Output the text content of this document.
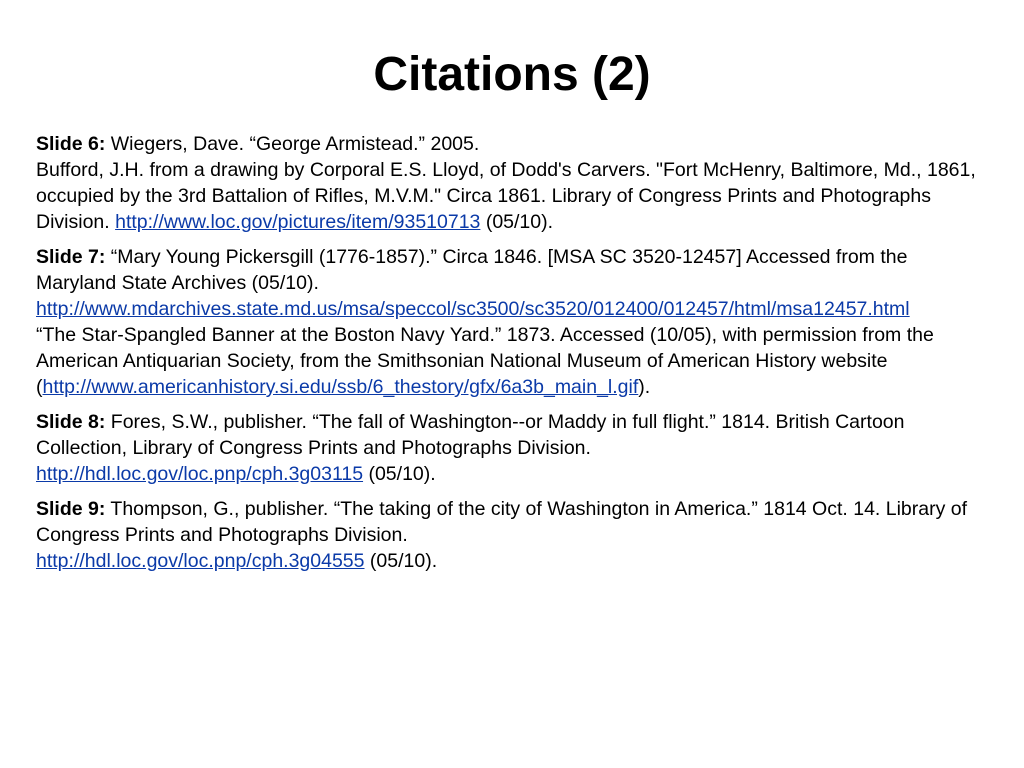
Citations (2)
Slide 6: Wiegers, Dave. “George Armistead.” 2005.
Bufford, J.H. from a drawing by Corporal E.S. Lloyd, of Dodd's Carvers. "Fort McHenry, Baltimore, Md., 1861, occupied by the 3rd Battalion of Rifles, M.V.M." Circa 1861. Library of Congress Prints and Photographs Division. http://www.loc.gov/pictures/item/93510713 (05/10).
Slide 7: “Mary Young Pickersgill (1776-1857).” Circa 1846. [MSA SC 3520-12457] Accessed from the Maryland State Archives (05/10).
http://www.mdarchives.state.md.us/msa/speccol/sc3500/sc3520/012400/012457/html/msa12457.html
“The Star-Spangled Banner at the Boston Navy Yard.” 1873. Accessed (10/05), with permission from the American Antiquarian Society, from the Smithsonian National Museum of American History website
(http://www.americanhistory.si.edu/ssb/6_thestory/gfx/6a3b_main_l.gif).
Slide 8: Fores, S.W., publisher. “The fall of Washington--or Maddy in full flight.” 1814. British Cartoon Collection, Library of Congress Prints and Photographs Division.
http://hdl.loc.gov/loc.pnp/cph.3g03115 (05/10).
Slide 9: Thompson, G., publisher. “The taking of the city of Washington in America.” 1814 Oct. 14. Library of Congress Prints and Photographs Division.
http://hdl.loc.gov/loc.pnp/cph.3g04555 (05/10).
